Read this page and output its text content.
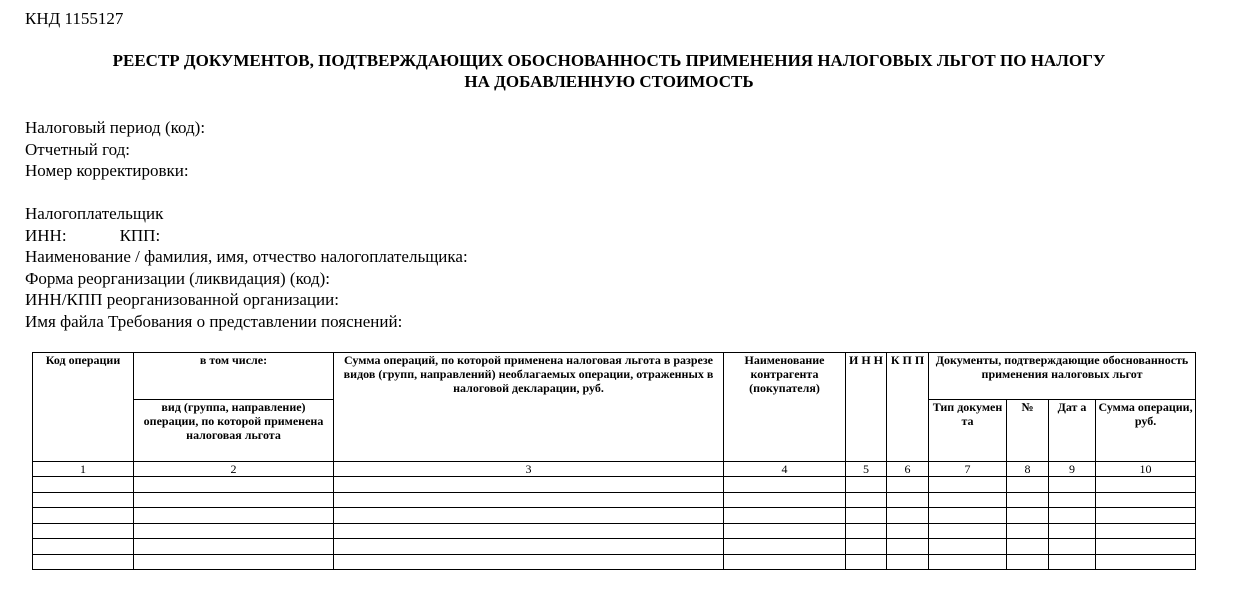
КНД 1155127
РЕЕСТР ДОКУМЕНТОВ, ПОДТВЕРЖДАЮЩИХ ОБОСНОВАННОСТЬ ПРИМЕНЕНИЯ НАЛОГОВЫХ ЛЬГОТ ПО НАЛОГУ
НА ДОБАВЛЕННУЮ СТОИМОСТЬ
Налоговый период (код):
Отчетный год:
Номер корректировки:
Налогоплательщик
ИНН:	КПП:
Наименование / фамилия, имя, отчество налогоплательщика:
Форма реорганизации (ликвидация) (код):
ИНН/КПП реорганизованной организации:
Имя файла Требования о представлении пояснений:
Код операции	в том числе:	Сумма операций, по которой применена налоговая льгота в разрезе видов (групп, направлений) необлагаемых операции, отраженных в налоговой декларации, руб.	Наименование контрагента (покупателя)	И Н Н	К П П	Документы, подтверждающие обоснованность применения налоговых льгот			
	вид (группа, направление) операции, по которой применена налоговая льгота					Тип докумен та	№	Дат а	Сумма операции, руб.
1	2	3	4	5	6	7	8	9	10
